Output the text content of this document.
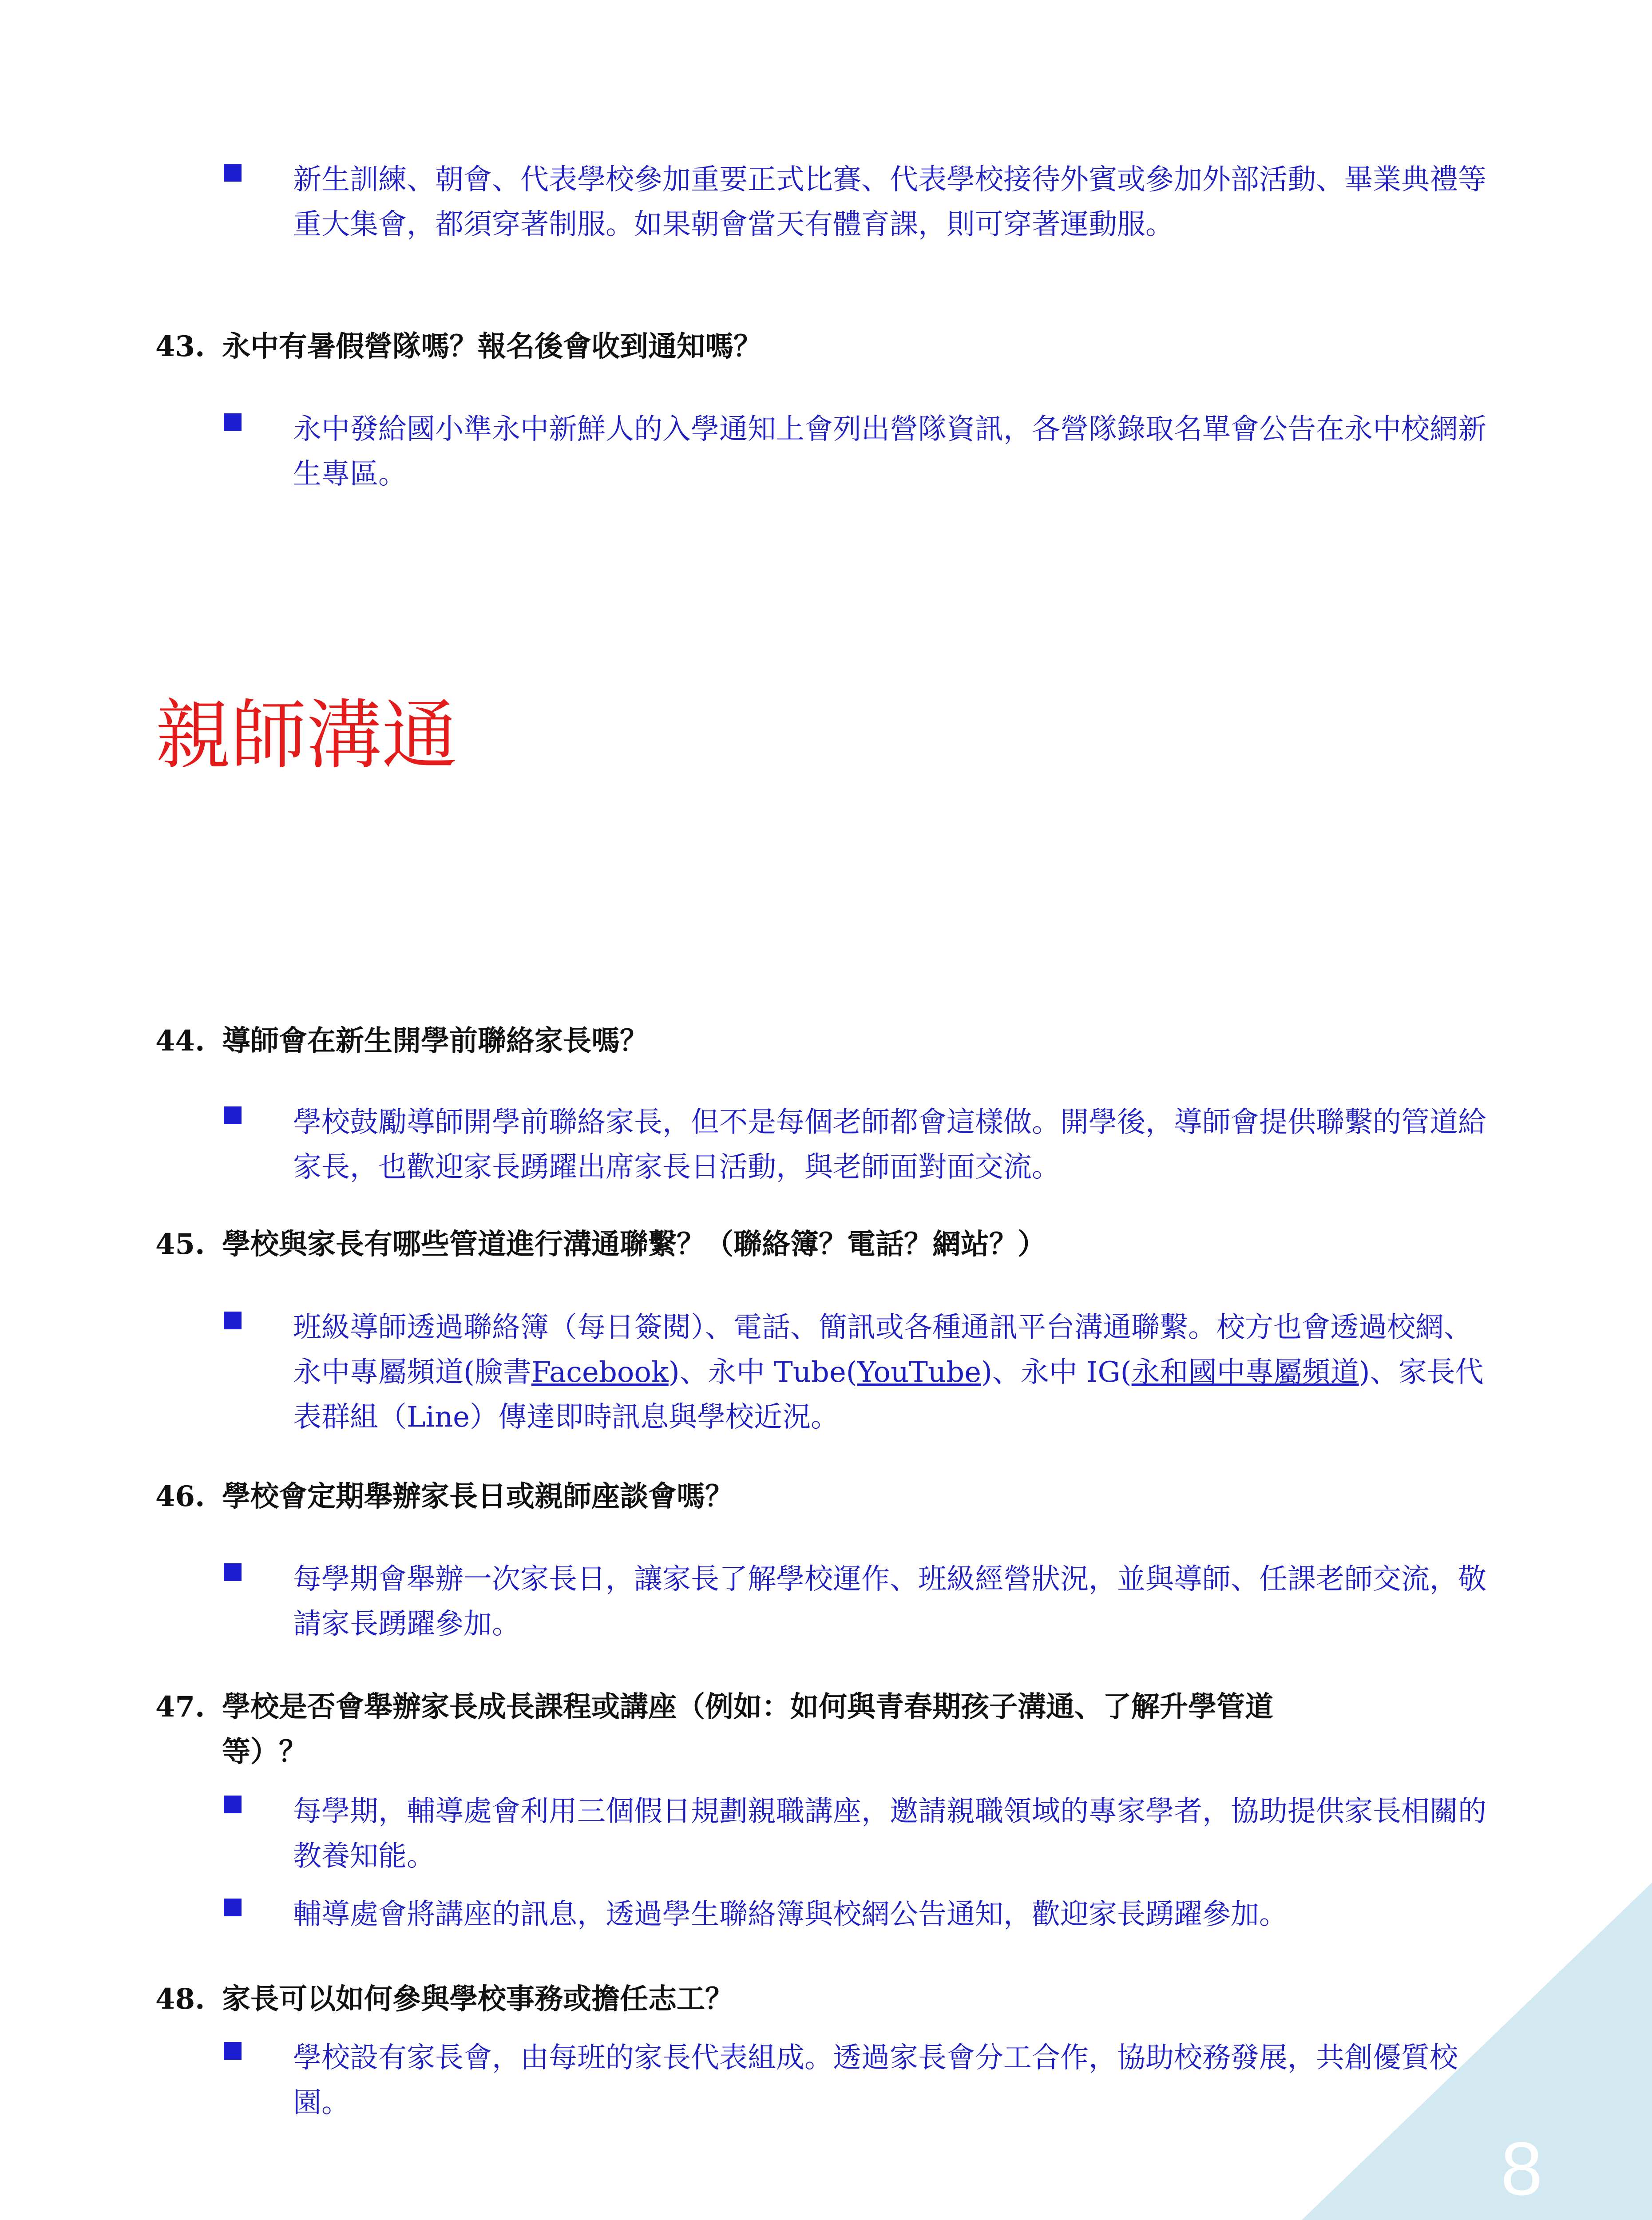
8
新生訓練、朝會、代表學校參加重要正式比賽、代表學校接待外賓或參加外部活動、畢業典禮等重大集會，都須穿著制服。如果朝會當天有體育課，則可穿著運動服。
43. 永中有暑假營隊嗎？報名後會收到通知嗎？
永中發給國小準永中新鮮人的入學通知上會列出營隊資訊，各營隊錄取名單會公告在永中校網新生專區。
親師溝通
44. 導師會在新生開學前聯絡家長嗎？
學校鼓勵導師開學前聯絡家長，但不是每個老師都會這樣做。開學後，導師會提供聯繫的管道給家長，也歡迎家長踴躍出席家長日活動，與老師面對面交流。
45. 學校與家長有哪些管道進行溝通聯繫？（聯絡簿？電話？網站？）
班級導師透過聯絡簿（每日簽閱）、電話、簡訊或各種通訊平台溝通聯繫。校方也會透過校網、永中專屬頻道(臉書Facebook)、永中 Tube(YouTube)、永中 IG(永和國中專屬頻道)、家長代表群組（Line）傳達即時訊息與學校近況。
46. 學校會定期舉辦家長日或親師座談會嗎？
每學期會舉辦一次家長日，讓家長了解學校運作、班級經營狀況，並與導師、任課老師交流，敬請家長踴躍參加。
47. 學校是否會舉辦家長成長課程或講座（例如：如何與青春期孩子溝通、了解升學管道
等）？
每學期，輔導處會利用三個假日規劃親職講座，邀請親職領域的專家學者，協助提供家長相關的教養知能。
輔導處會將講座的訊息，透過學生聯絡簿與校網公告通知，歡迎家長踴躍參加。
48. 家長可以如何參與學校事務或擔任志工？
學校設有家長會，由每班的家長代表組成。透過家長會分工合作，協助校務發展，共創優質校園。
